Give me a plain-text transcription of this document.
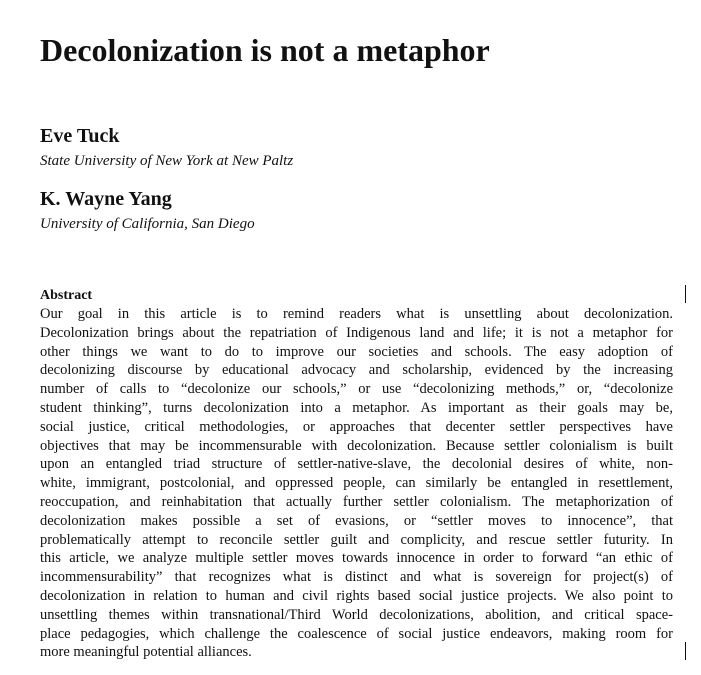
Decolonization is not a metaphor
Eve Tuck
State University of New York at New Paltz
K. Wayne Yang
University of California, San Diego
Abstract
Our goal in this article is to remind readers what is unsettling about decolonization.
Decolonization brings about the repatriation of Indigenous land and life; it is not a metaphor for
other things we want to do to improve our societies and schools. The easy adoption of
decolonizing discourse by educational advocacy and scholarship, evidenced by the increasing
number of calls to “decolonize our schools,” or use “decolonizing methods,” or, “decolonize
student thinking”, turns decolonization into a metaphor. As important as their goals may be,
social justice, critical methodologies, or approaches that decenter settler perspectives have
objectives that may be incommensurable with decolonization. Because settler colonialism is built
upon an entangled triad structure of settler-native-slave, the decolonial desires of white, non-
white, immigrant, postcolonial, and oppressed people, can similarly be entangled in resettlement,
reoccupation, and reinhabitation that actually further settler colonialism. The metaphorization of
decolonization makes possible a set of evasions, or “settler moves to innocence”, that
problematically attempt to reconcile settler guilt and complicity, and rescue settler futurity. In
this article, we analyze multiple settler moves towards innocence in order to forward “an ethic of
incommensurability” that recognizes what is distinct and what is sovereign for project(s) of
decolonization in relation to human and civil rights based social justice projects. We also point to
unsettling themes within transnational/Third World decolonizations, abolition, and critical space-
place pedagogies, which challenge the coalescence of social justice endeavors, making room for
more meaningful potential alliances.
